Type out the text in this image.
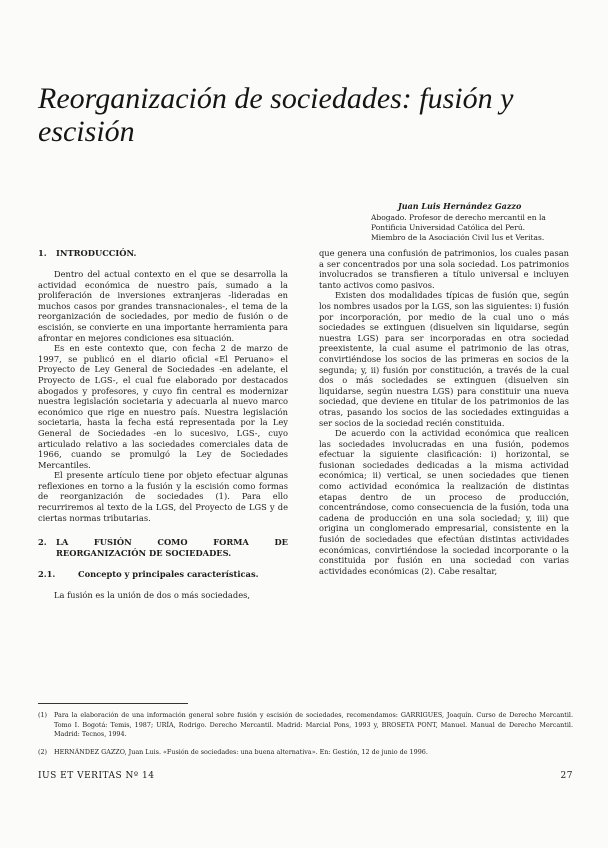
Reorganización de sociedades: fusión y escisión
Juan Luis Hernández Gazzo
Abogado. Profesor de derecho mercantil en la
Pontificia Universidad Católica del Perú.
Miembro de la Asociación Civil Ius et Veritas.
1.	INTRODUCCIÓN.

Dentro del actual contexto en el que se desarrolla la actividad económica de nuestro país, sumado a la proliferación de inversiones extranjeras -lideradas en muchos casos por grandes transnacionales-, el tema de la reorganización de sociedades, por medio de fusión o de escisión, se convierte en una importante herramienta para afrontar en mejores condiciones esa situación.

Es en este contexto que, con fecha 2 de marzo de 1997, se publicó en el diario oficial «El Peruano» el Proyecto de Ley General de Sociedades -en adelante, el Proyecto de LGS-, el cual fue elaborado por destacados abogados y profesores, y cuyo fin central es modernizar nuestra legislación societaria y adecuarla al nuevo marco económico que rige en nuestro país. Nuestra legislación societaria, hasta la fecha está representada por la Ley General de Sociedades -en lo sucesivo, LGS-, cuyo articulado relativo a las sociedades comerciales data de 1966, cuando se promulgó la Ley de Sociedades Mercantiles.

El presente artículo tiene por objeto efectuar algunas reflexiones en torno a la fusión y la escisión como formas de reorganización de sociedades (1). Para ello recurriremos al texto de la LGS, del Proyecto de LGS y de ciertas normas tributarias.

2.	LA FUSIÓN COMO FORMA DE REORGANIZACIÓN DE SOCIEDADES.
2.1.	Concepto y principales características.

La fusión es la unión de dos o más sociedades,

que genera una confusión de patrimonios, los cuales pasan a ser concentrados por una sola sociedad. Los patrimonios involucrados se transfieren a título universal e incluyen tanto activos como pasivos.

Existen dos modalidades típicas de fusión que, según los nombres usados por la LGS, son las siguientes: i) fusión por incorporación, por medio de la cual uno o más sociedades se extinguen (disuelven sin liquidarse, según nuestra LGS) para ser incorporadas en otra sociedad preexistente, la cual asume el patrimonio de las otras, convirtiéndose los socios de las primeras en socios de la segunda; y, ii) fusión por constitución, a través de la cual dos o más sociedades se extinguen (disuelven sin liquidarse, según nuestra LGS) para constituir una nueva sociedad, que deviene en titular de los patrimonios de las otras, pasando los socios de las sociedades extinguidas a ser socios de la sociedad recién constituida.

De acuerdo con la actividad económica que realicen las sociedades involucradas en una fusión, podemos efectuar la siguiente clasificación: i) horizontal, se fusionan sociedades dedicadas a la misma actividad económica; ii) vertical, se unen sociedades que tienen como actividad económica la realización de distintas etapas dentro de un proceso de producción, concentrándose, como consecuencia de la fusión, toda una cadena de producción en una sola sociedad; y, iii) que origina un conglomerado empresarial, consistente en la fusión de sociedades que efectúan distintas actividades económicas, convirtiéndose la sociedad incorporante o la constituida por fusión en una sociedad con varias actividades económicas (2). Cabe resaltar,

(1)	Para la elaboración de una información general sobre fusión y escisión de sociedades, recomendamos: GARRIGUES, Joaquín. Curso de Derecho Mercantil. Tomo I. Bogotá: Temis, 1987; URÍA, Rodrigo. Derecho Mercantil. Madrid: Marcial Pons, 1993 y, BROSETA PONT, Manuel. Manual de Derecho Mercantil. Madrid: Tecnos, 1994.
(2)	HERNÁNDEZ GAZZO, Juan Luis. «Fusión de sociedades: una buena alternativa». En: Gestión, 12 de junio de 1996.
IUS ET VERITAS Nº 14	27
